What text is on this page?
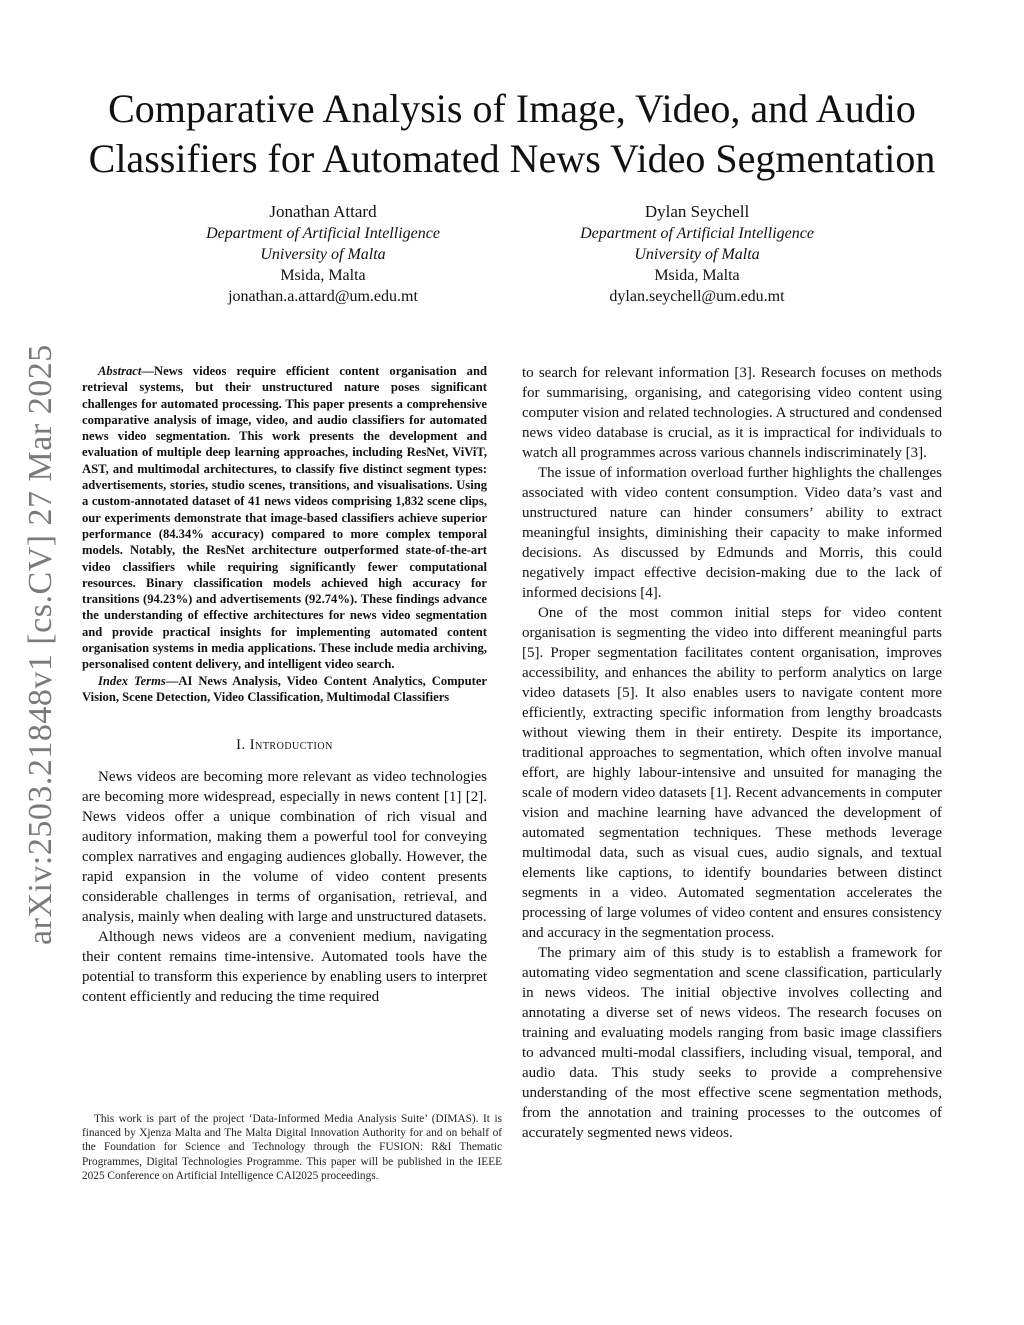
arXiv:2503.21848v1 [cs.CV] 27 Mar 2025
Comparative Analysis of Image, Video, and Audio Classifiers for Automated News Video Segmentation
Jonathan Attard
Department of Artificial Intelligence
University of Malta
Msida, Malta
jonathan.a.attard@um.edu.mt
Dylan Seychell
Department of Artificial Intelligence
University of Malta
Msida, Malta
dylan.seychell@um.edu.mt

Abstract—News videos require efficient content organisation and retrieval systems, but their unstructured nature poses significant challenges for automated processing. This paper presents a comprehensive comparative analysis of image, video, and audio classifiers for automated news video segmentation. This work presents the development and evaluation of multiple deep learning approaches, including ResNet, ViViT, AST, and multimodal architectures, to classify five distinct segment types: advertisements, stories, studio scenes, transitions, and visualisations. Using a custom-annotated dataset of 41 news videos comprising 1,832 scene clips, our experiments demonstrate that image-based classifiers achieve superior performance (84.34% accuracy) compared to more complex temporal models. Notably, the ResNet architecture outperformed state-of-the-art video classifiers while requiring significantly fewer computational resources. Binary classification models achieved high accuracy for transitions (94.23%) and advertisements (92.74%). These findings advance the understanding of effective architectures for news video segmentation and provide practical insights for implementing automated content organisation systems in media applications. These include media archiving, personalised content delivery, and intelligent video search.

Index Terms—AI News Analysis, Video Content Analytics, Computer Vision, Scene Detection, Video Classification, Multimodal Classifiers

I. Introduction

News videos are becoming more relevant as video technologies are becoming more widespread, especially in news content [1] [2]. News videos offer a unique combination of rich visual and auditory information, making them a powerful tool for conveying complex narratives and engaging audiences globally. However, the rapid expansion in the volume of video content presents considerable challenges in terms of organisation, retrieval, and analysis, mainly when dealing with large and unstructured datasets.

Although news videos are a convenient medium, navigating their content remains time-intensive. Automated tools have the potential to transform this experience by enabling users to interpret content efficiently and reducing the time required

to search for relevant information [3]. Research focuses on methods for summarising, organising, and categorising video content using computer vision and related technologies. A structured and condensed news video database is crucial, as it is impractical for individuals to watch all programmes across various channels indiscriminately [3].

The issue of information overload further highlights the challenges associated with video content consumption. Video data’s vast and unstructured nature can hinder consumers’ ability to extract meaningful insights, diminishing their capacity to make informed decisions. As discussed by Edmunds and Morris, this could negatively impact effective decision-making due to the lack of informed decisions [4].

One of the most common initial steps for video content organisation is segmenting the video into different meaningful parts [5]. Proper segmentation facilitates content organisation, improves accessibility, and enhances the ability to perform analytics on large video datasets [5]. It also enables users to navigate content more efficiently, extracting specific information from lengthy broadcasts without viewing them in their entirety. Despite its importance, traditional approaches to segmentation, which often involve manual effort, are highly labour-intensive and unsuited for managing the scale of modern video datasets [1]. Recent advancements in computer vision and machine learning have advanced the development of automated segmentation techniques. These methods leverage multimodal data, such as visual cues, audio signals, and textual elements like captions, to identify boundaries between distinct segments in a video. Automated segmentation accelerates the processing of large volumes of video content and ensures consistency and accuracy in the segmentation process.

The primary aim of this study is to establish a framework for automating video segmentation and scene classification, particularly in news videos. The initial objective involves collecting and annotating a diverse set of news videos. The research focuses on training and evaluating models ranging from basic image classifiers to advanced multi-modal classifiers, including visual, temporal, and audio data. This study seeks to provide a comprehensive understanding of the most effective scene segmentation methods, from the annotation and training processes to the outcomes of accurately segmented news videos.

This work is part of the project ‘Data-Informed Media Analysis Suite’ (DIMAS). It is financed by Xjenza Malta and The Malta Digital Innovation Authority for and on behalf of the Foundation for Science and Technology through the FUSION: R&I Thematic Programmes, Digital Technologies Programme. This paper will be published in the IEEE 2025 Conference on Artificial Intelligence CAI2025 proceedings.
